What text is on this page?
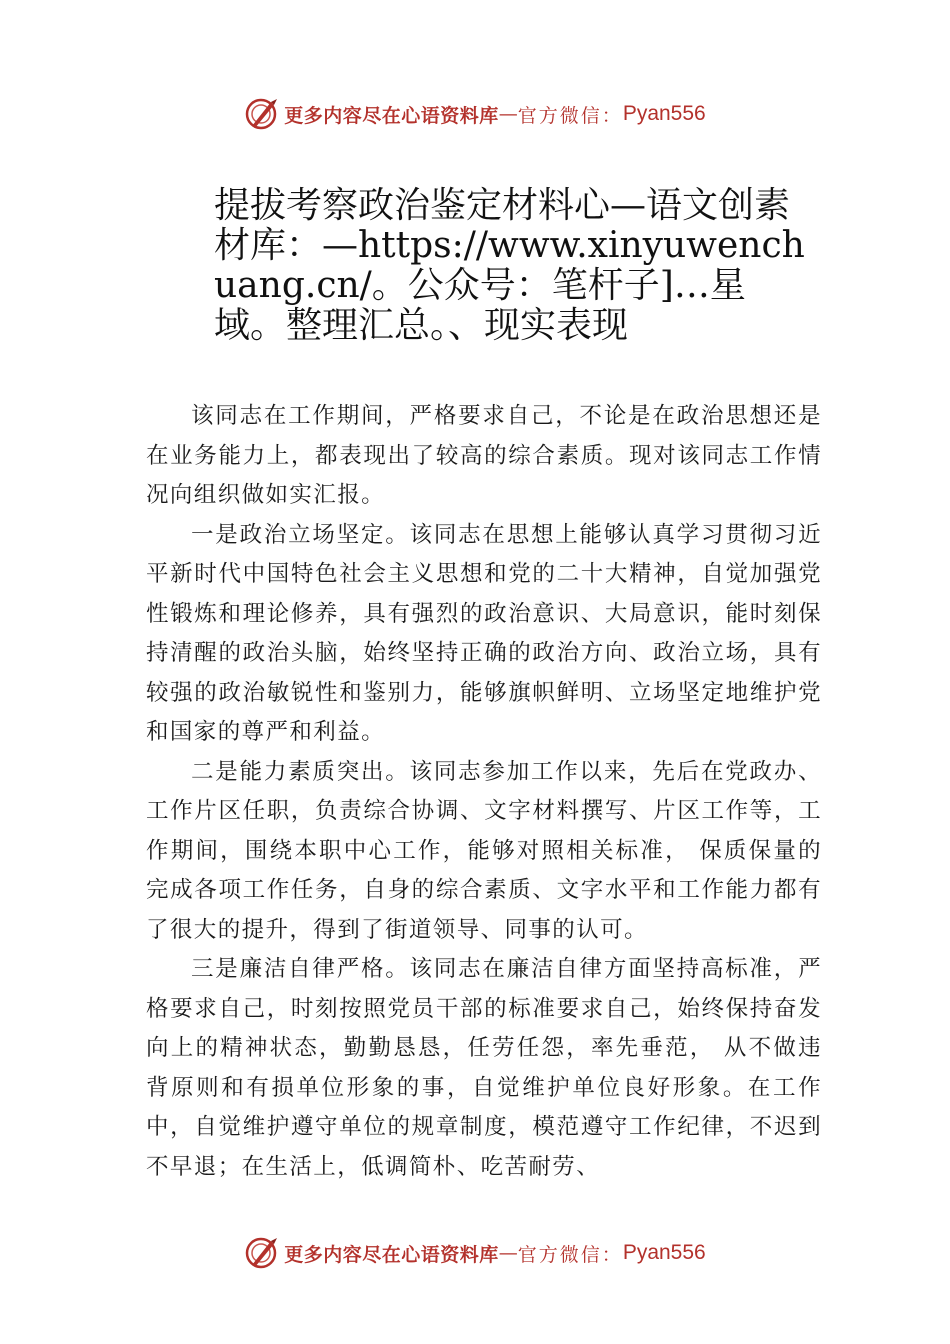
更多内容尽在心语资料库 — 官方微信： Pyan556
提拔考察政治鉴定材料心—语文创素材库：—https://www.xinyuwenchuang.cn/。公众号：笔杆子]…星域。整理汇总。、现实表现

该同志在工作期间，严格要求自己，不论是在政治思想还是在业务能力上，都表现出了较高的综合素质。现对该同志工作情况向组织做如实汇报。

一是政治立场坚定。该同志在思想上能够认真学习贯彻习近平新时代中国特色社会主义思想和党的二十大精神，自觉加强党性锻炼和理论修养，具有强烈的政治意识、大局意识，能时刻保持清醒的政治头脑，始终坚持正确的政治方向、政治立场，具有较强的政治敏锐性和鉴别力，能够旗帜鲜明、立场坚定地维护党和国家的尊严和利益。

二是能力素质突出。该同志参加工作以来，先后在党政办、工作片区任职，负责综合协调、文字材料撰写、片区工作等，工作期间，围绕本职中心工作，能够对照相关标准， 保质保量的完成各项工作任务，自身的综合素质、文字水平和工作能力都有了很大的提升，得到了街道领导、同事的认可。

三是廉洁自律严格。该同志在廉洁自律方面坚持高标准，严格要求自己，时刻按照党员干部的标准要求自己，始终保持奋发向上的精神状态，勤勤恳恳，任劳任怨，率先垂范， 从不做违背原则和有损单位形象的事，自觉维护单位良好形象。在工作中，自觉维护遵守单位的规章制度，模范遵守工作纪律，不迟到不早退；在生活上，低调简朴、吃苦耐劳、

更多内容尽在心语资料库 — 官方微信： Pyan556
